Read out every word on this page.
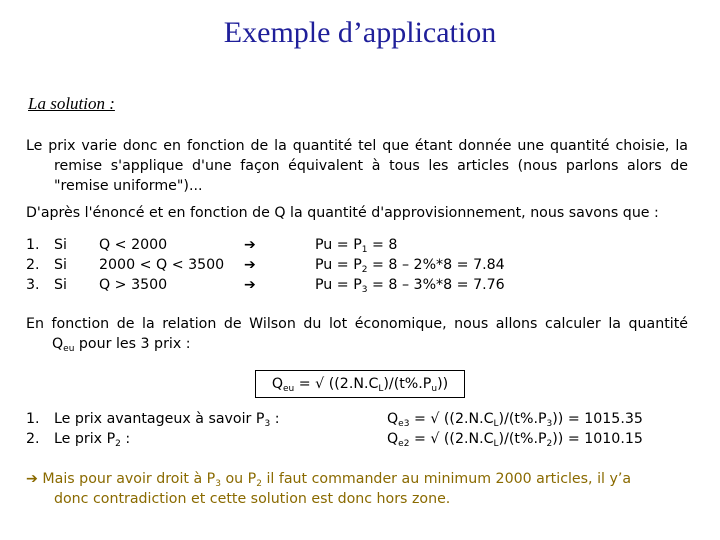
Exemple d’application
La solution :
Le prix varie donc en fonction de la quantité tel que étant donnée une quantité choisie, la
remise s'applique d'une façon équivalent à tous les articles (nous parlons alors de
"remise uniforme")...
D'après l'énoncé et en fonction de Q la quantité d'approvisionnement, nous savons que :
1. Si Q < 2000	➔	$Pu = P_1 = 8$
2. Si 2000 < Q < 3500 ➔	$Pu = P_2 = 8 - 2\%*8 = 7.84$
3. Si Q > 3500	➔	$Pu = P_3 = 8 - 3\%*8 = 7.76$
En fonction de la relation de Wilson du lot économique, nous allons calculer la quantité
$Q_{eu}$ pour les 3 prix :
$Q_{eu}$ = √ $((2.N.C_L)/(t\%.P_u))$
1. Le prix avantageux à savoir $P_3$ :	$Q_{e3}$ = √ $((2.N.C_L)/(t\%.P_3)) = 1015.35$
2. Le prix $P_2$ :	$Q_{e2}$ = √ $((2.N.C_L)/(t\%.P_2)) = 1010.15$
➔ Mais pour avoir droit à $P_3$ ou $P_2$ il faut commander au minimum 2000 articles, il y’a
donc contradiction et cette solution est donc hors zone.
